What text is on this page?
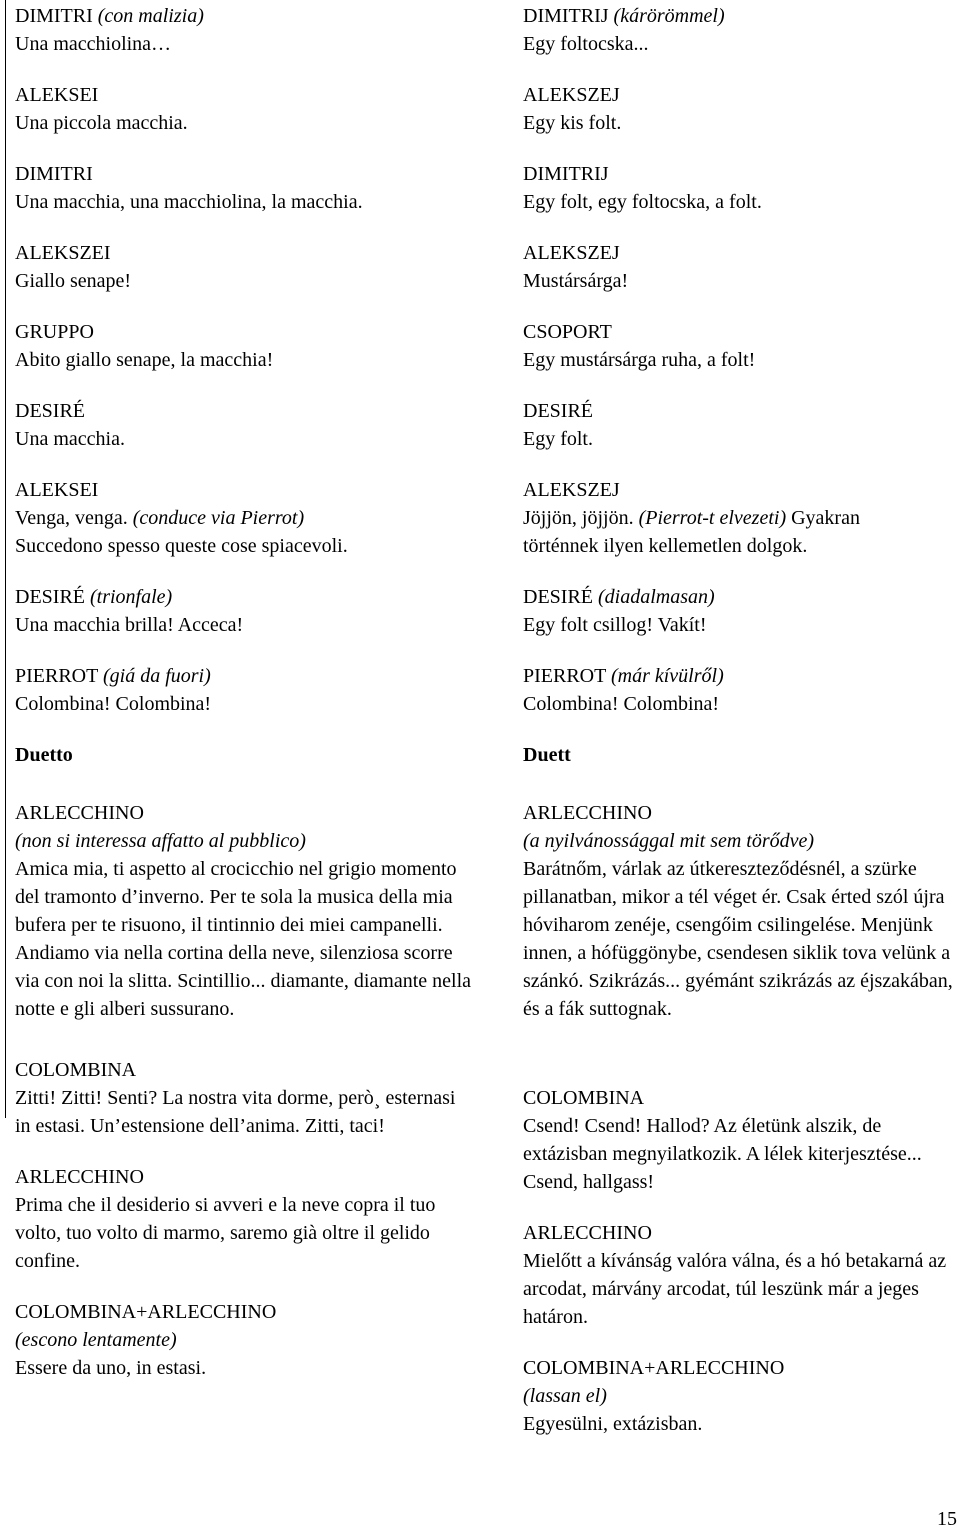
DIMITRI (con malizia)
Una macchiolina…
ALEKSEI
Una piccola macchia.
DIMITRI
Una macchia, una macchiolina, la macchia.
ALEKSZEI
Giallo senape!
GRUPPO
Abito giallo senape, la macchia!
DESIRÉ
Una macchia.
ALEKSEI
Venga, venga. (conduce via Pierrot)
Succedono spesso queste cose spiacevoli.
DESIRÉ (trionfale)
Una macchia brilla! Acceca!
PIERROT (giá da fuori)
Colombina! Colombina!
Duetto
ARLECCHINO
(non si interessa affatto al pubblico)
Amica mia, ti aspetto al crocicchio nel grigio momento del tramonto d’inverno. Per te sola la musica della mia bufera per te risuono, il tintinnio dei miei campanelli. Andiamo via nella cortina della neve, silenziosa scorre via con noi la slitta. Scintillio... diamante, diamante nella notte e gli alberi sussurano.
COLOMBINA
Zitti! Zitti! Senti? La nostra vita dorme, però¸ esternasi in estasi. Un’estensione dell’anima. Zitti, taci!
ARLECCHINO
Prima che il desiderio si avveri e la neve copra il tuo volto, tuo volto di marmo, saremo già oltre il gelido confine.
COLOMBINA+ARLECCHINO
(escono lentamente)
Essere da uno, in estasi.
DIMITRIJ (kárörömmel)
Egy foltocska...
ALEKSZEJ
Egy kis folt.
DIMITRIJ
Egy folt, egy foltocska, a folt.
ALEKSZEJ
Mustársárga!
CSOPORT
Egy mustársárga ruha, a folt!
DESIRÉ
Egy folt.
ALEKSZEJ
Jöjjön, jöjjön. (Pierrot-t elvezeti) Gyakran
történnek ilyen kellemetlen dolgok.
DESIRÉ (diadalmasan)
Egy folt csillog! Vakít!
PIERROT (már kívülről)
Colombina! Colombina!
Duett
ARLECCHINO
(a nyilvánossággal mit sem törődve)
Barátnőm, várlak az útkereszteződésnél, a szürke pillanatban, mikor a tél véget ér. Csak érted szól újra hóviharom zenéje, csengőim csilingelése. Menjünk innen, a hófüggönybe, csendesen siklik tova velünk a szánkó. Szikrázás... gyémánt szikrázás az éjszakában, és a fák suttognak.
COLOMBINA
Csend! Csend! Hallod? Az életünk alszik, de extázisban megnyilatkozik. A lélek kiterjesztése... Csend, hallgass!
ARLECCHINO
Mielőtt a kívánság valóra válna, és a hó betakarná az arcodat, márvány arcodat, túl leszünk már a jeges határon.
COLOMBINA+ARLECCHINO
(lassan el)
Egyesülni, extázisban.
15
